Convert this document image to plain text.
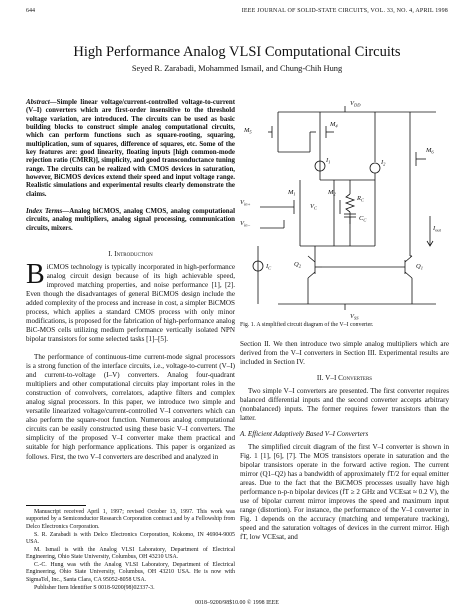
644	IEEE JOURNAL OF SOLID-STATE CIRCUITS, VOL. 33, NO. 4, APRIL 1998
High Performance Analog VLSI Computational Circuits
Seyed R. Zarabadi, Mohammed Ismail, and Chung-Chih Hung
Abstract—Simple linear voltage/current-controlled voltage-to-current (V–I) converters which are first-order insensitive to the threshold voltage variation, are introduced. The circuits can be used as basic building blocks to construct simple analog computational circuits, which can perform functions such as square-rooting, squaring, multiplication, sum of squares, difference of squares, etc. Some of the key features are: good linearity, floating inputs [high common-mode rejection ratio (CMRR)], simplicity, and good transconductance tuning range. The circuits can be realized with CMOS devices in saturation, however, BiCMOS devices extend their speed and input voltage range. Realistic simulations and experimental results clearly demonstrate the claims.
Index Terms—Analog biCMOS, analog CMOS, analog computational circuits, analog multipliers, analog signal processing, communication circuits, mixers.
I. Introduction
BiCMOS technology is typically incorporated in high-performance analog circuit design because of its high achievable speed, improved matching properties, and noise performance [1], [2]. Even though the disadvantages of general BiCMOS design include the added complexity of the process and increase in cost, a simpler BiCMOS process, which applies a standard CMOS process with only minor modifications, is proposed for the fabrication of high-performance analog BiC-MOS cells utilizing medium performance vertically isolated NPN bipolar transistors for some selected tasks [1]–[5].
The performance of continuous-time current-mode signal processors is a strong function of the interface circuits, i.e., voltage-to-current (V–I) and current-to-voltage (I–V) converters. Analog four-quadrant multipliers and other computational circuits play important roles in the construction of convolvers, correlators, adaptive filters and complex analog signal processors. In this paper, we introduce two simple and versatile linearized voltage/current-controlled V–I converters which can also perform the square-root function. Numerous analog computational circuits can be easily constructed using these basic V–I converters. The simplicity of the proposed V–I converter make them practical and suitable for high performance applications. This paper is organized as follows. First, the two V–I converters are described and analyzed in
Manuscript received April 1, 1997; revised October 13, 1997. This work was supported by a Semiconductor Research Corporation contract and by a Fellowship from Delco Electronics Corporation.
S. R. Zarabadi is with Delco Electronics Corporation, Kokomo, IN 46904-9005 USA.
M. Ismail is with the Analog VLSI Laboratory, Department of Electrical Engineering, Ohio State University, Columbus, OH 43210 USA.
C.-C. Hung was with the Analog VLSI Laboratory, Department of Electrical Engineering, Ohio State University, Columbus, OH 43210 USA. He is now with SigmaTel, Inc., Santa Clara, CA 95052-8058 USA.
Publisher Item Identifier S 0018-9200(98)02337-3.
0018–9200/98$10.00 © 1998 IEEE
$V_{DD}$
$V_{SS}$
$M_5$
$M_4$
$M_6$
$M_1$	$M_2$
$I_1$	$I_2$
$R_C$
$C_C$
$V_C$
$V_{in+}$
$V_{in-}$
$I_C$	$Q_2$	$Q_1$
$I_{out}$
Fig. 1. A simplified circuit diagram of the V–I converter.
Section II. We then introduce two simple analog multipliers which are derived from the V–I converters in Section III. Experimental results are included in Section IV.
II. V–I Converters
Two simple V–I converters are presented. The first converter requires balanced differential inputs and the second converter accepts arbitrary (nonbalanced) inputs. The former requires fewer transistors than the latter.
A. Efficient Adaptively Based V–I Converters
The simplified circuit diagram of the first V–I converter is shown in Fig. 1 [1], [6], [7]. The MOS transistors operate in saturation and the bipolar transistors operate in the forward active region. The current mirror (Q1–Q2) has a bandwidth of approximately fT/2 for equal emitter areas. Due to the fact that the BiCMOS processes usually have high performance n-p-n bipolar devices (fT ≥ 2 GHz and VCEsat ≈ 0.2 V), the use of bipolar current mirror improves the speed and maximum input range (distortion). For instance, the performance of the V–I converter in Fig. 1 depends on the accuracy (matching and temperature tracking), speed and the saturation voltages of devices in the current mirror. High fT, low VCEsat, and
